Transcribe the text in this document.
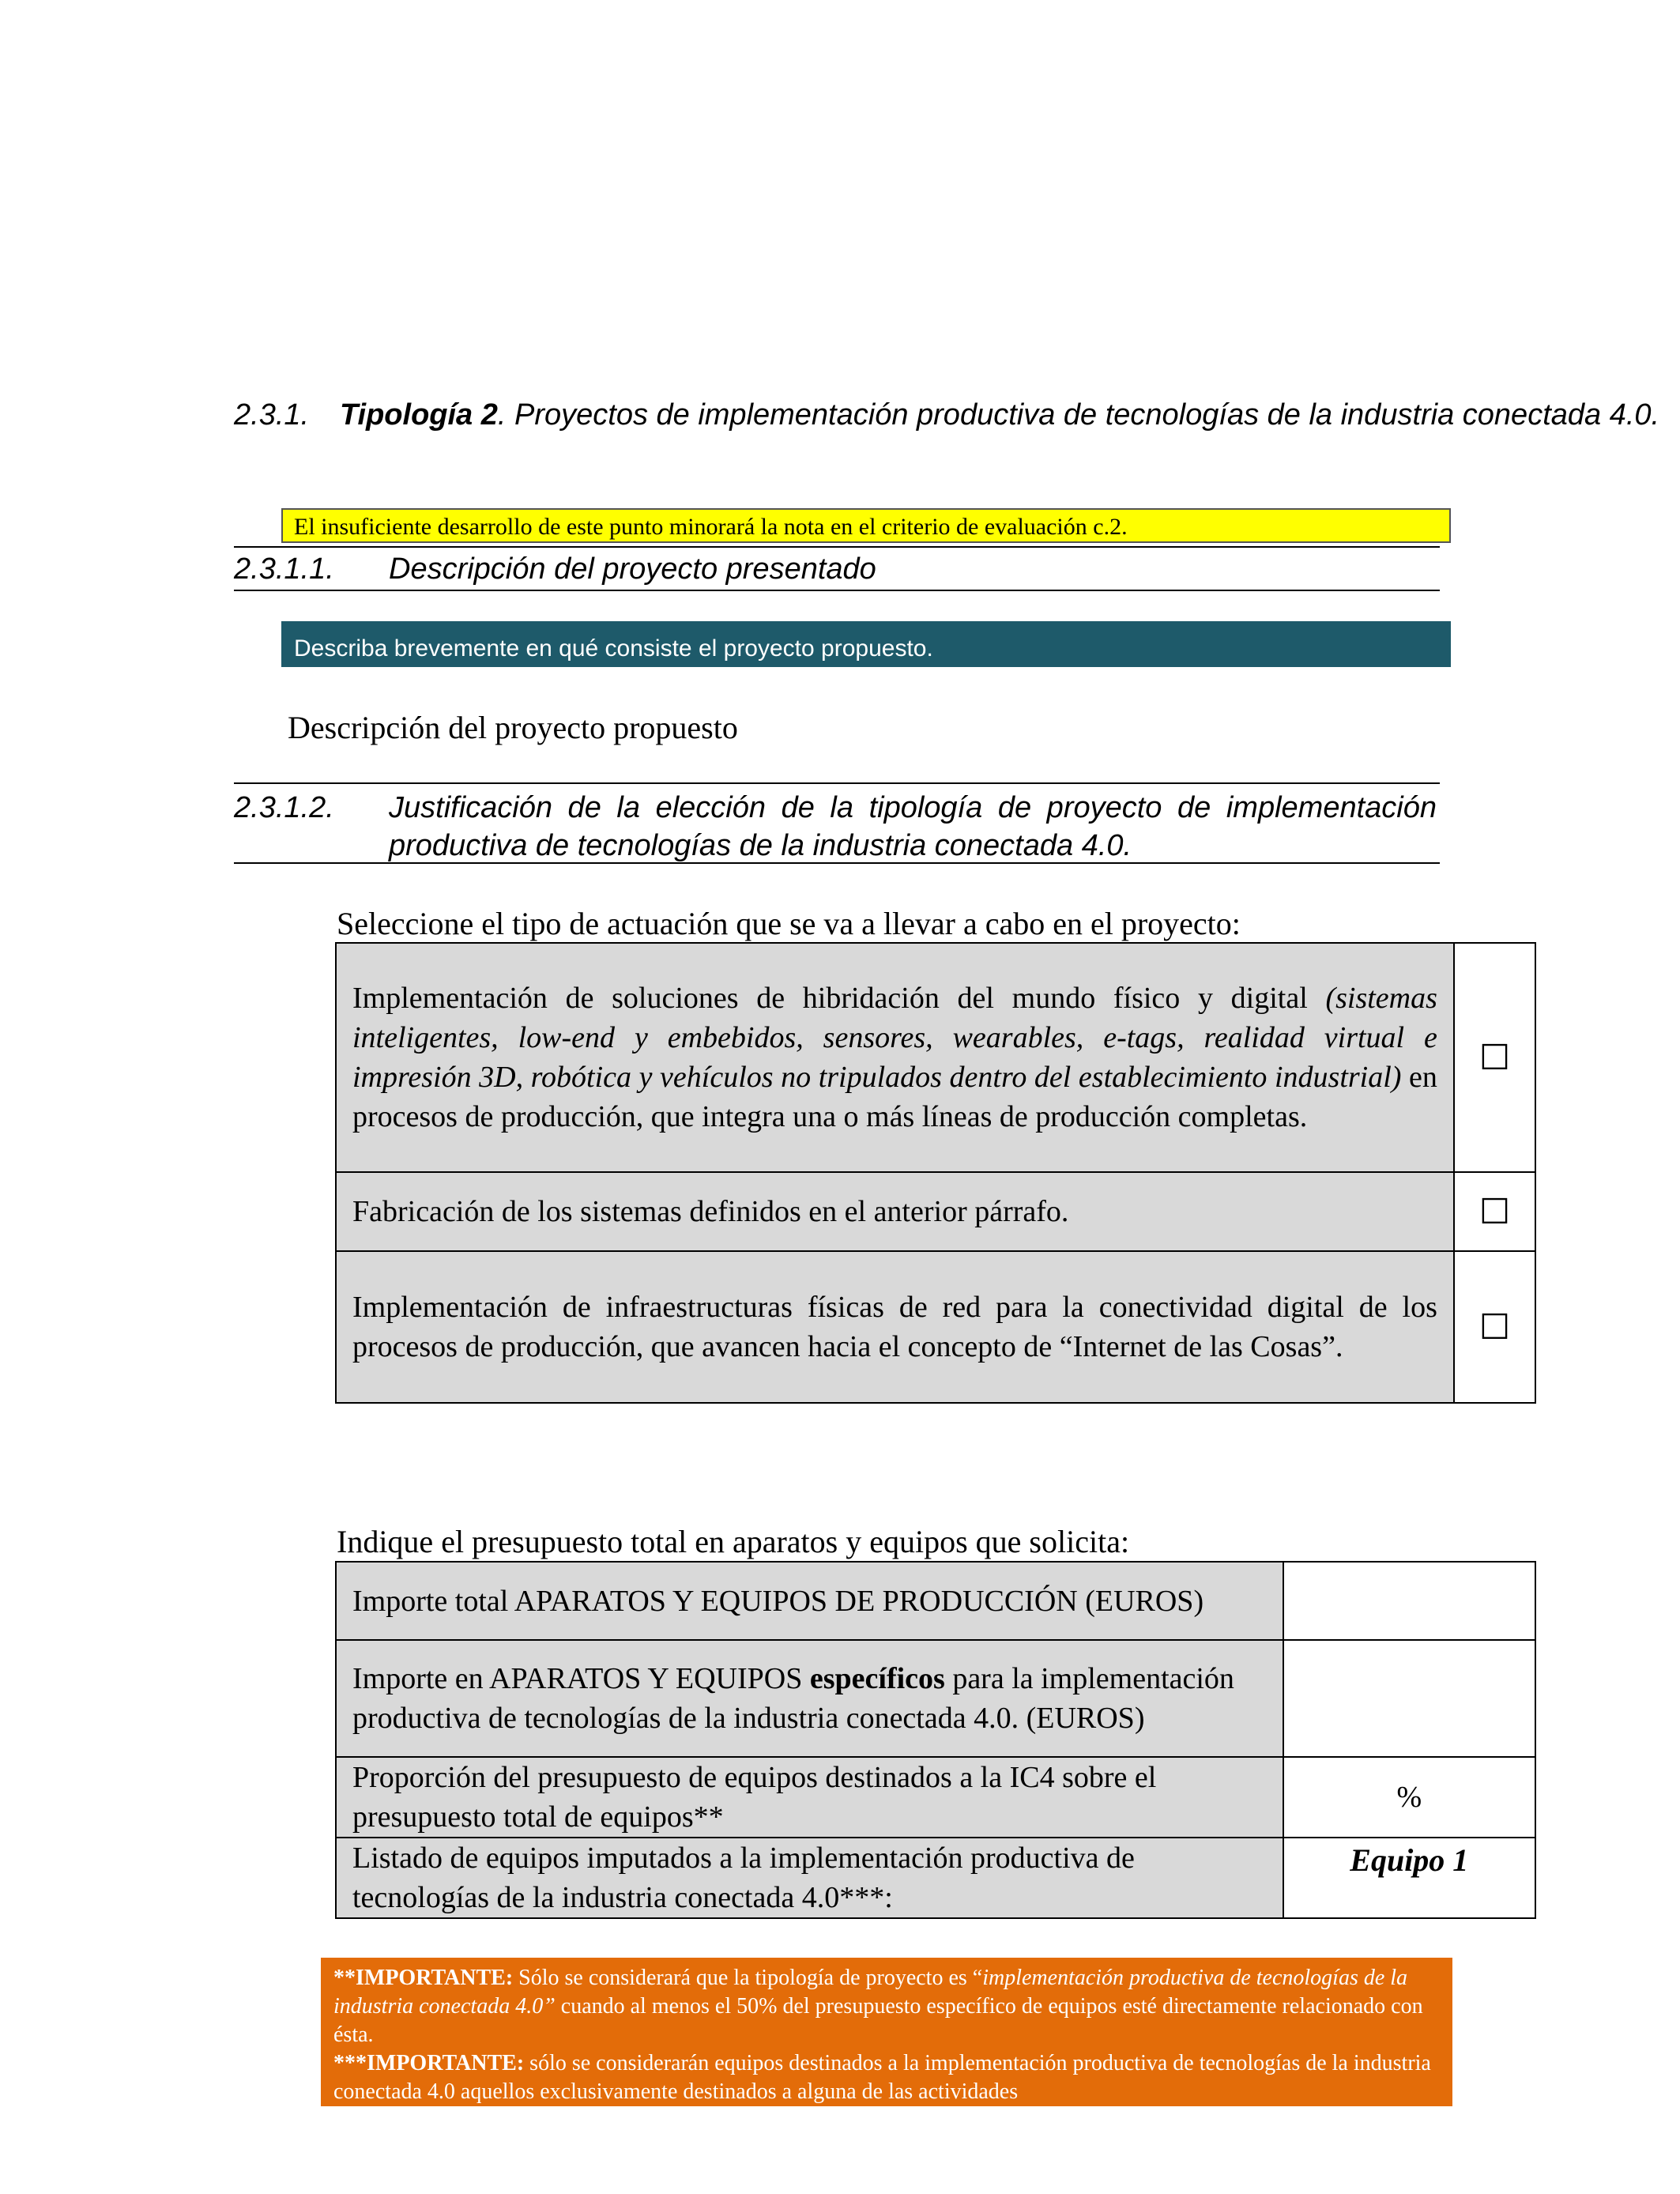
2.3.1. Tipología 2. Proyectos de implementación productiva de tecnologías de la industria conectada 4.0.
El insuficiente desarrollo de este punto minorará la nota en el criterio de evaluación c.2.
2.3.1.1. Descripción del proyecto presentado
Describa brevemente en qué consiste el proyecto propuesto.
Descripción del proyecto propuesto
2.3.1.2. Justificación de la elección de la tipología de proyecto de implementación productiva de tecnologías de la industria conectada 4.0.
Seleccione el tipo de actuación que se va a llevar a cabo en el proyecto:
Implementación de soluciones de hibridación del mundo físico y digital (sistemas inteligentes, low-end y embebidos, sensores, wearables, e-tags, realidad virtual e impresión 3D, robótica y vehículos no tripulados dentro del establecimiento industrial) en procesos de producción, que integra una o más líneas de producción completas.	☐
Fabricación de los sistemas definidos en el anterior párrafo.	☐
Implementación de infraestructuras físicas de red para la conectividad digital de los procesos de producción, que avancen hacia el concepto de “Internet de las Cosas”.	☐
Indique el presupuesto total en aparatos y equipos que solicita:
Importe total APARATOS Y EQUIPOS DE PRODUCCIÓN (EUROS)	
Importe en APARATOS Y EQUIPOS específicos para la implementación productiva de tecnologías de la industria conectada 4.0. (EUROS)	
Proporción del presupuesto de equipos destinados a la IC4 sobre el presupuesto total de equipos**	%
Listado de equipos imputados a la implementación productiva de tecnologías de la industria conectada 4.0***:	Equipo 1
**IMPORTANTE: Sólo se considerará que la tipología de proyecto es “implementación productiva de tecnologías de la industria conectada 4.0” cuando al menos el 50% del presupuesto específico de equipos esté directamente relacionado con ésta.
***IMPORTANTE: sólo se considerarán equipos destinados a la implementación productiva de tecnologías de la industria conectada 4.0 aquellos exclusivamente destinados a alguna de las actividades
